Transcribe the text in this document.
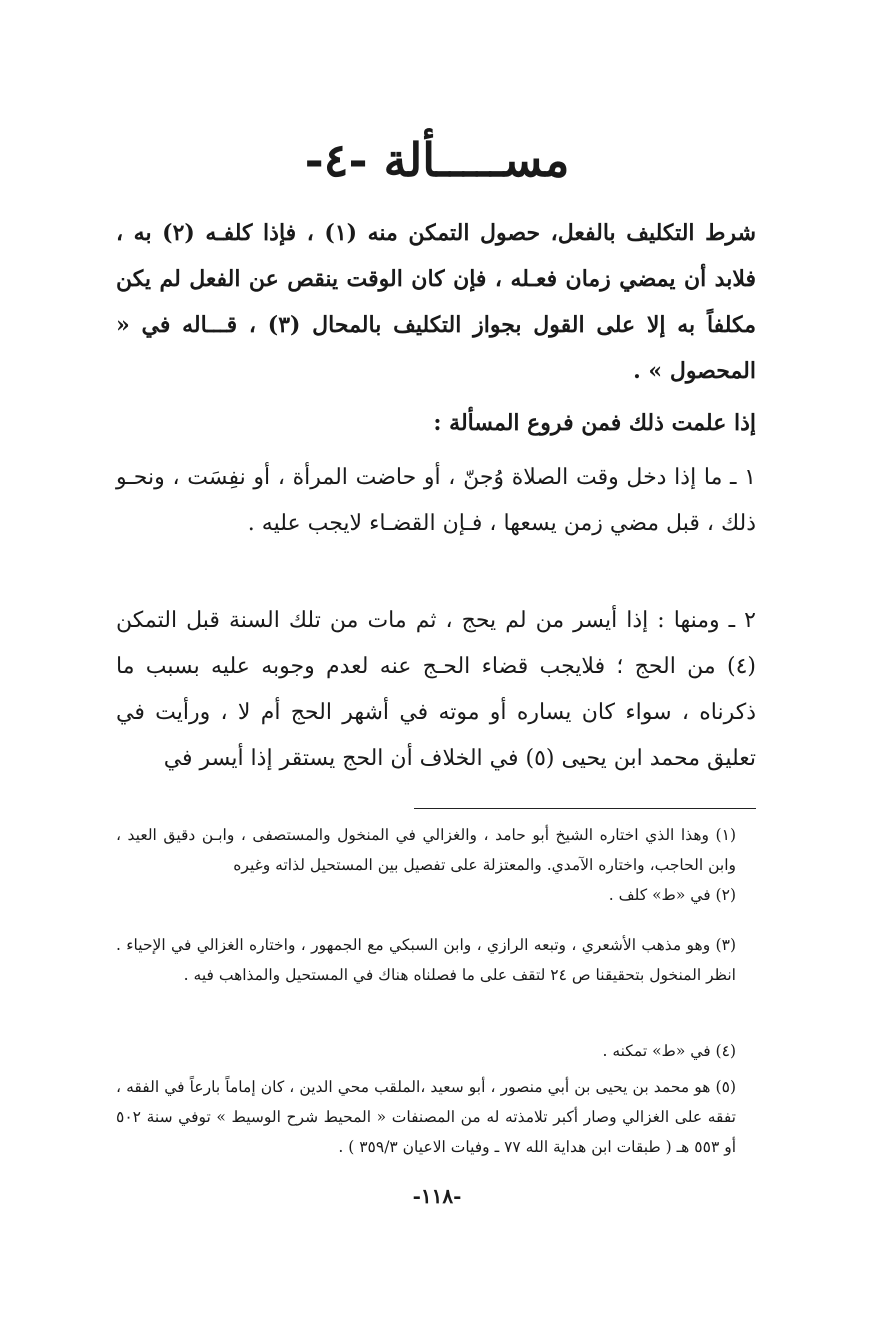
مســـــألة -٤-

شرط التكليف بالفعل، حصول التمكن منه (١) ، فإذا كلفـه (٢) به ، فلابد أن يمضي زمان فعـله ، فإن كان الوقت ينقص عن الفعل لم يكن مكلفاً به إلا على القول بجواز التكليف بالمحال (٣) ، قـــاله في « المحصول » .

إذا علمت ذلك فمن فروع المسألة :

١ ـ ما إذا دخل وقت الصلاة وُجنّ ، أو حاضت المرأة ، أو نفِسَت ، ونحـو ذلك ، قبل مضي زمن يسعها ، فـإن القضـاء لايجب عليه .

٢ ـ ومنها : إذا أيسر من لم يحج ، ثم مات من تلك السنة قبل التمكن (٤) من الحج ؛ فلايجب قضاء الحـج عنه لعدم وجوبه عليه بسبب ما ذكرناه ، سواء كان يساره أو موته في أشهر الحج أم لا ، ورأيت في تعليق محمد ابن يحيى (٥) في الخلاف أن الحج يستقر إذا أيسر في

(١) وهذا الذي اختاره الشيخ أبو حامد ، والغزالي في المنخول والمستصفى ، وابـن دقيق العيد ، وابن الحاجب، واختاره الآمدي. والمعتزلة على تفصيل بين المستحيل لذاته وغيره

(٢) في «ط» كلف .

(٣) وهو مذهب الأشعري ، وتبعه الرازي ، وابن السبكي مع الجمهور ، واختاره الغزالي في الإحياء . انظر المنخول بتحقيقنا ص ٢٤ لتقف على ما فصلناه هناك في المستحيل والمذاهب فيه .

(٤) في «ط» تمكنه .

(٥) هو محمد بن يحيى بن أبي منصور ، أبو سعيد ،الملقب محي الدين ، كان إماماً بارعاً في الفقه ، تفقه على الغزالي وصار أكبر تلامذته له من المصنفات « المحيط شرح الوسيط » توفي سنة ٥٠٢ أو ٥٥٣ هـ ( طبقات ابن هداية الله ٧٧ ـ وفيات الاعيان ٣٥٩/٣ ) .

-١١٨-
